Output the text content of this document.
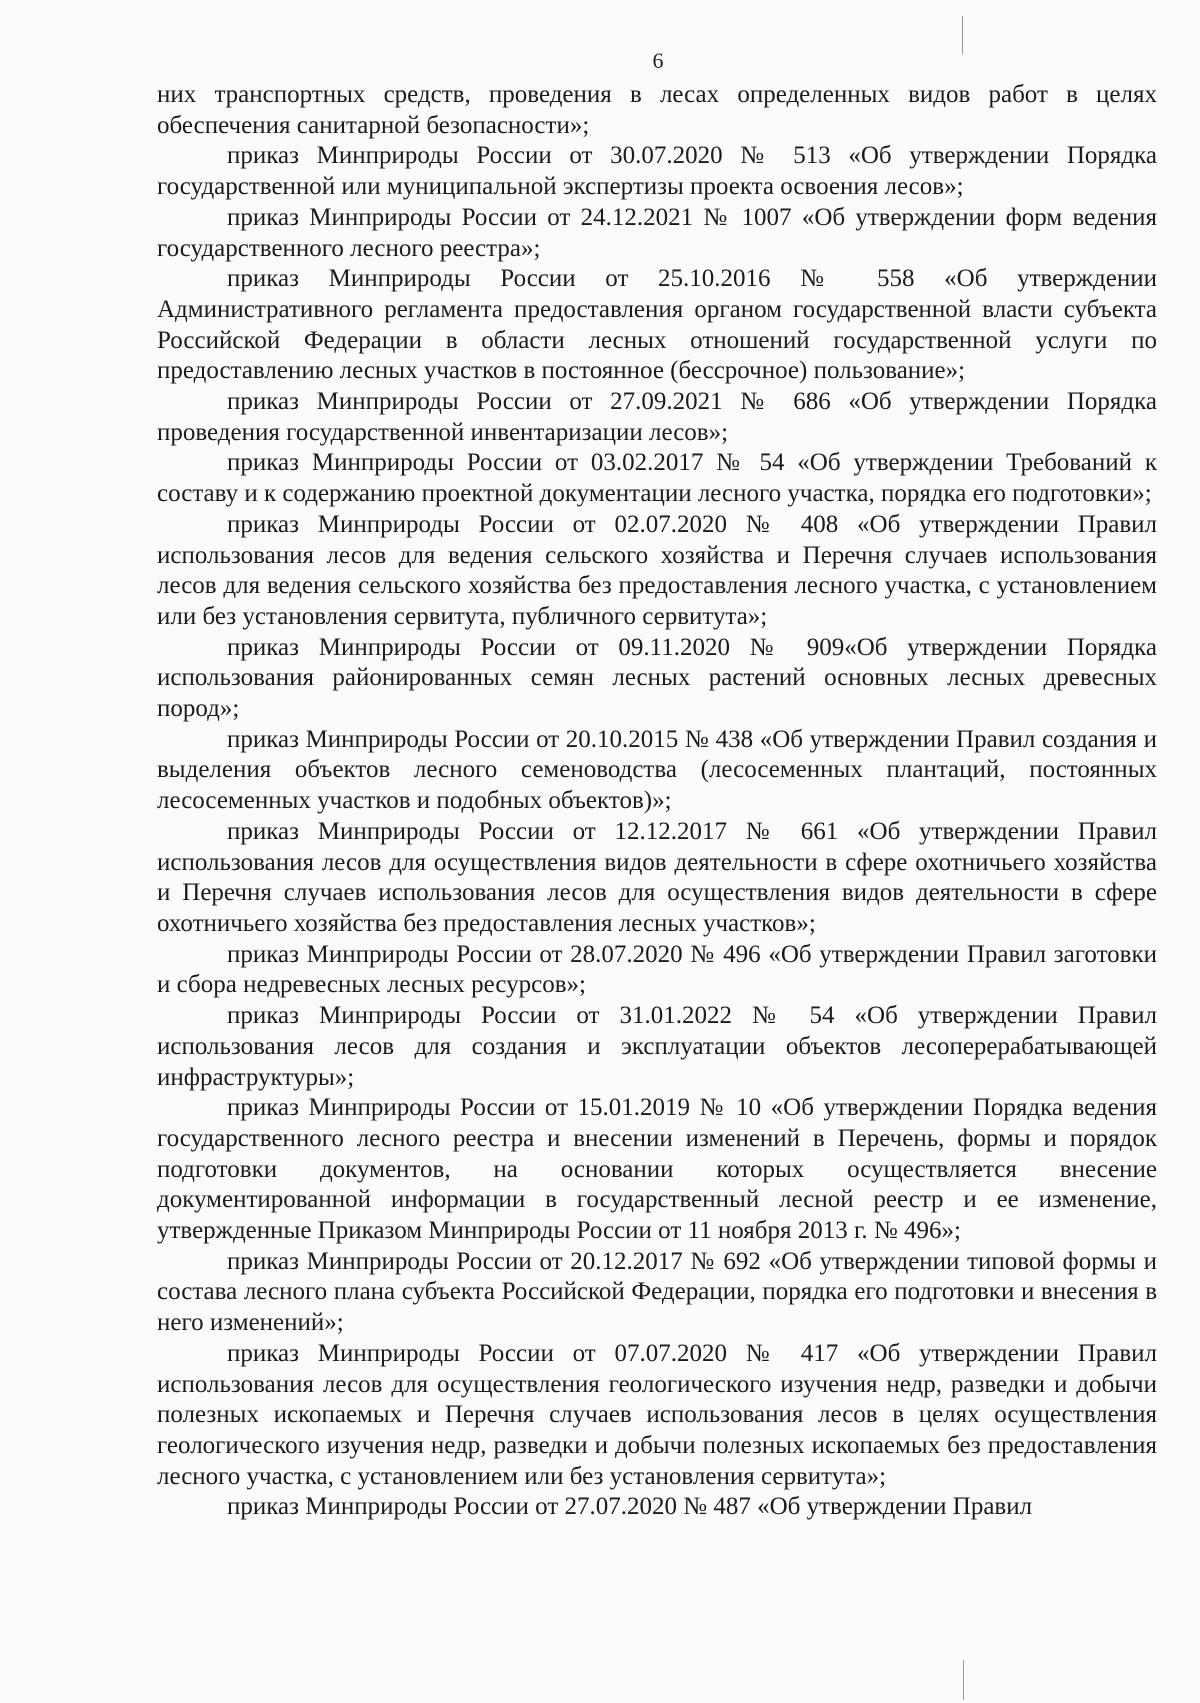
6

них транспортных средств, проведения в лесах определенных видов работ в целях обеспечения санитарной безопасности»;

приказ Минприроды России от 30.07.2020 № 513 «Об утверждении Порядка государственной или муниципальной экспертизы проекта освоения лесов»;

приказ Минприроды России от 24.12.2021 № 1007 «Об утверждении форм ведения государственного лесного реестра»;

приказ Минприроды России от 25.10.2016 № 558 «Об утверждении Административного регламента предоставления органом государственной власти субъекта Российской Федерации в области лесных отношений государственной услуги по предоставлению лесных участков в постоянное (бессрочное) пользование»;

приказ Минприроды России от 27.09.2021 № 686 «Об утверждении Порядка проведения государственной инвентаризации лесов»;

приказ Минприроды России от 03.02.2017 № 54 «Об утверждении Требований к составу и к содержанию проектной документации лесного участка, порядка его подготовки»;

приказ Минприроды России от 02.07.2020 № 408 «Об утверждении Правил использования лесов для ведения сельского хозяйства и Перечня случаев использования лесов для ведения сельского хозяйства без предоставления лесного участка, с установлением или без установления сервитута, публичного сервитута»;

приказ Минприроды России от 09.11.2020 № 909«Об утверждении Порядка использования районированных семян лесных растений основных лесных древесных пород»;

приказ Минприроды России от 20.10.2015 № 438 «Об утверждении Правил создания и выделения объектов лесного семеноводства (лесосеменных плантаций, постоянных лесосеменных участков и подобных объектов)»;

приказ Минприроды России от 12.12.2017 № 661 «Об утверждении Правил использования лесов для осуществления видов деятельности в сфере охотничьего хозяйства и Перечня случаев использования лесов для осуществления видов деятельности в сфере охотничьего хозяйства без предоставления лесных участков»;

приказ Минприроды России от 28.07.2020 № 496 «Об утверждении Правил заготовки и сбора недревесных лесных ресурсов»;

приказ Минприроды России от 31.01.2022 № 54 «Об утверждении Правил использования лесов для создания и эксплуатации объектов лесоперерабатывающей инфраструктуры»;

приказ Минприроды России от 15.01.2019 № 10 «Об утверждении Порядка ведения государственного лесного реестра и внесении изменений в Перечень, формы и порядок подготовки документов, на основании которых осуществляется внесение документированной информации в государственный лесной реестр и ее изменение, утвержденные Приказом Минприроды России от 11 ноября 2013 г. № 496»;

приказ Минприроды России от 20.12.2017 № 692 «Об утверждении типовой формы и состава лесного плана субъекта Российской Федерации, порядка его подготовки и внесения в него изменений»;

приказ Минприроды России от 07.07.2020 № 417 «Об утверждении Правил использования лесов для осуществления геологического изучения недр, разведки и добычи полезных ископаемых и Перечня случаев использования лесов в целях осуществления геологического изучения недр, разведки и добычи полезных ископаемых без предоставления лесного участка, с установлением или без установления сервитута»;

приказ Минприроды России от 27.07.2020 № 487 «Об утверждении Правил
